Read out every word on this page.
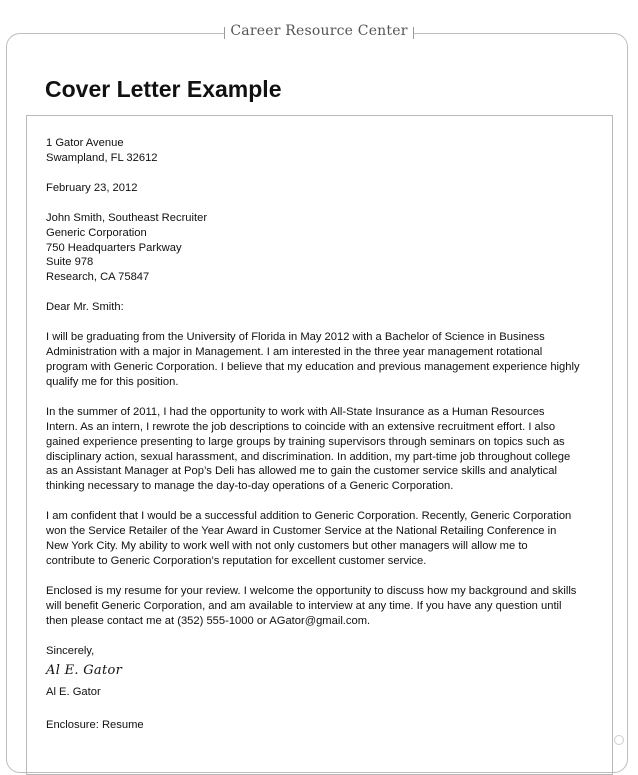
Career Resource Center
Cover Letter Example

1 Gator Avenue
Swampland, FL 32612

February 23, 2012

John Smith, Southeast Recruiter
Generic Corporation
750 Headquarters Parkway
Suite 978
Research, CA 75847

Dear Mr. Smith:

I will be graduating from the University of Florida in May 2012 with a Bachelor of Science in Business
Administration with a major in Management. I am interested in the three year management rotational
program with Generic Corporation. I believe that my education and previous management experience highly
qualify me for this position.

In the summer of 2011, I had the opportunity to work with All-State Insurance as a Human Resources
Intern. As an intern, I rewrote the job descriptions to coincide with an extensive recruitment effort. I also
gained experience presenting to large groups by training supervisors through seminars on topics such as
disciplinary action, sexual harassment, and discrimination. In addition, my part-time job throughout college
as an Assistant Manager at Pop’s Deli has allowed me to gain the customer service skills and analytical
thinking necessary to manage the day-to-day operations of a Generic Corporation.

I am confident that I would be a successful addition to Generic Corporation. Recently, Generic Corporation
won the Service Retailer of the Year Award in Customer Service at the National Retailing Conference in
New York City. My ability to work well with not only customers but other managers will allow me to
contribute to Generic Corporation’s reputation for excellent customer service.

Enclosed is my resume for your review. I welcome the opportunity to discuss how my background and skills
will benefit Generic Corporation, and am available to interview at any time. If you have any question until
then please contact me at (352) 555-1000 or AGator@gmail.com.

Sincerely,

Al E. Gator

Al E. Gator

Enclosure: Resume
